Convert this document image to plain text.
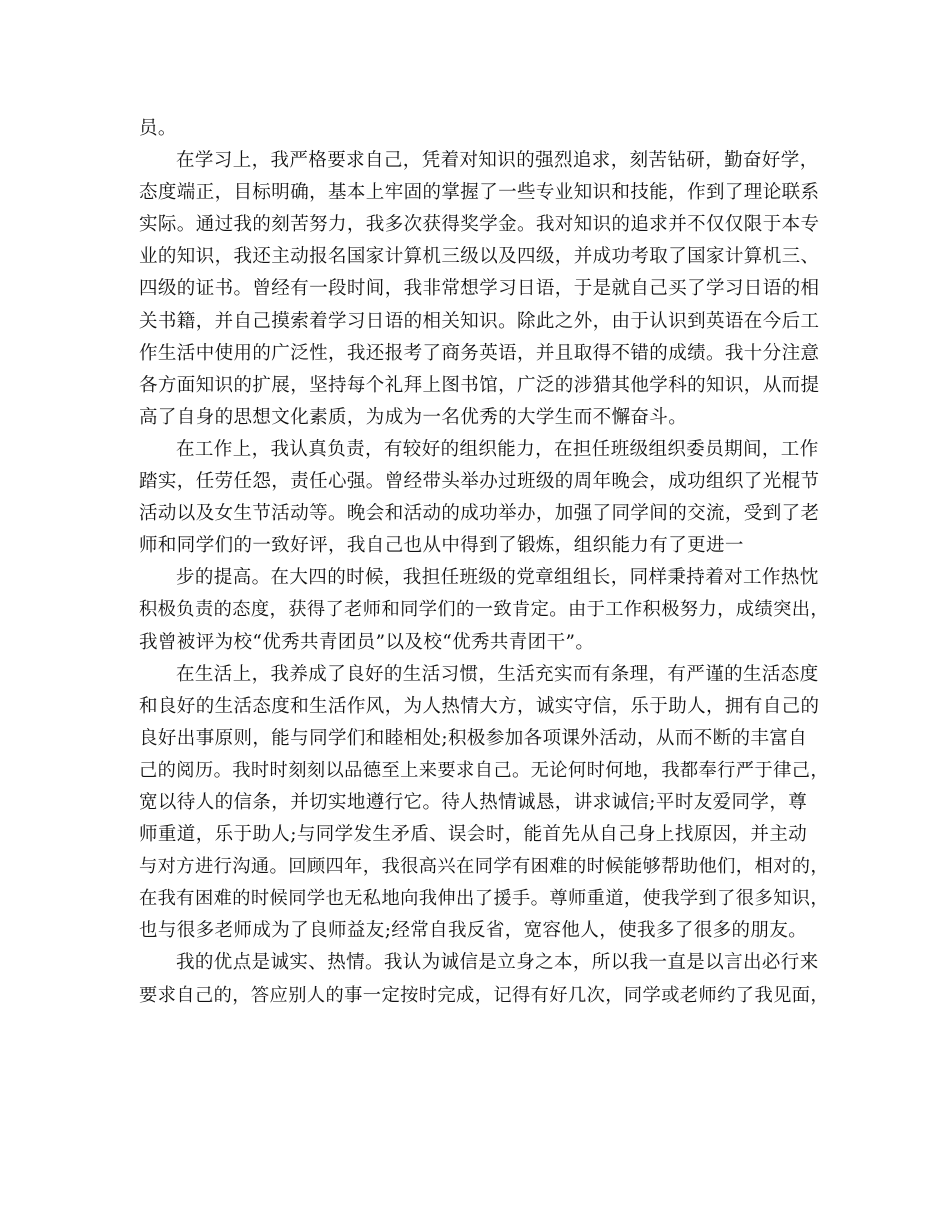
员。
在学习上，我严格要求自己，凭着对知识的强烈追求，刻苦钻研，勤奋好学，
态度端正，目标明确，基本上牢固的掌握了一些专业知识和技能，作到了理论联系
实际。通过我的刻苦努力，我多次获得奖学金。我对知识的追求并不仅仅限于本专
业的知识，我还主动报名国家计算机三级以及四级，并成功考取了国家计算机三、
四级的证书。曾经有一段时间，我非常想学习日语，于是就自己买了学习日语的相
关书籍，并自己摸索着学习日语的相关知识。除此之外，由于认识到英语在今后工
作生活中使用的广泛性，我还报考了商务英语，并且取得不错的成绩。我十分注意
各方面知识的扩展，坚持每个礼拜上图书馆，广泛的涉猎其他学科的知识，从而提
高了自身的思想文化素质，为成为一名优秀的大学生而不懈奋斗。
在工作上，我认真负责，有较好的组织能力，在担任班级组织委员期间，工作
踏实，任劳任怨，责任心强。曾经带头举办过班级的周年晚会，成功组织了光棍节
活动以及女生节活动等。晚会和活动的成功举办，加强了同学间的交流，受到了老
师和同学们的一致好评，我自己也从中得到了锻炼，组织能力有了更进一
步的提高。在大四的时候，我担任班级的党章组组长，同样秉持着对工作热忱
积极负责的态度，获得了老师和同学们的一致肯定。由于工作积极努力，成绩突出，
我曾被评为校“优秀共青团员”以及校“优秀共青团干”。
在生活上，我养成了良好的生活习惯，生活充实而有条理，有严谨的生活态度
和良好的生活态度和生活作风，为人热情大方，诚实守信，乐于助人，拥有自己的
良好出事原则，能与同学们和睦相处;积极参加各项课外活动，从而不断的丰富自
己的阅历。我时时刻刻以品德至上来要求自己。无论何时何地，我都奉行严于律己，
宽以待人的信条，并切实地遵行它。待人热情诚恳，讲求诚信;平时友爱同学，尊
师重道，乐于助人;与同学发生矛盾、误会时，能首先从自己身上找原因，并主动
与对方进行沟通。回顾四年，我很高兴在同学有困难的时候能够帮助他们，相对的，
在我有困难的时候同学也无私地向我伸出了援手。尊师重道，使我学到了很多知识，
也与很多老师成为了良师益友;经常自我反省，宽容他人，使我多了很多的朋友。
我的优点是诚实、热情。我认为诚信是立身之本，所以我一直是以言出必行来
要求自己的，答应别人的事一定按时完成，记得有好几次，同学或老师约了我见面，
